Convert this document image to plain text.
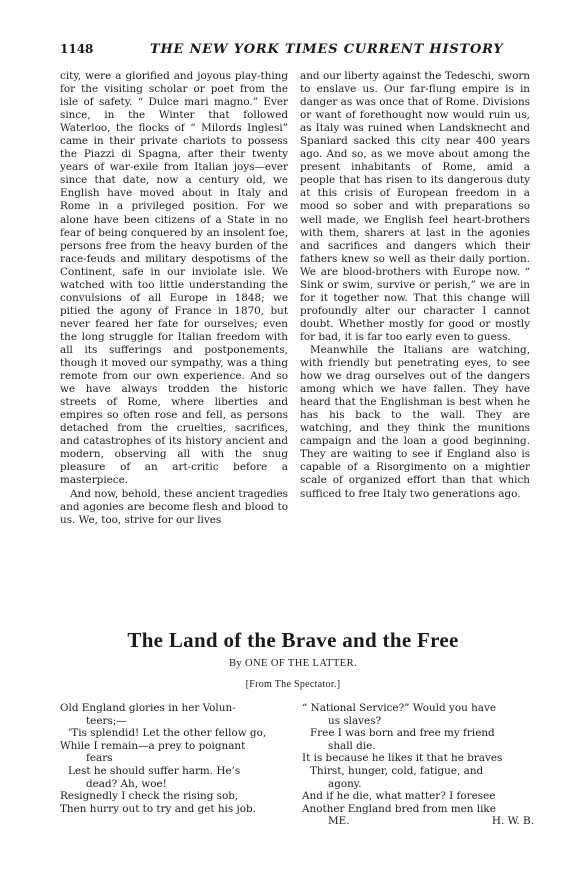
1148	THE NEW YORK TIMES CURRENT HISTORY

city, were a glorified and joyous play-thing for the visiting scholar or poet from the isle of safety. “ Dulce mari magno.” Ever since, in the Winter that followed Waterloo, the flocks of “ Milords Inglesi” came in their private chariots to possess the Piazzi di Spagna, after their twenty years of war-exile from Italian joys—ever since that date, now a century old, we English have moved about in Italy and Rome in a privileged position. For we alone have been citizens of a State in no fear of being conquered by an insolent foe, persons free from the heavy burden of the race-feuds and military despotisms of the Continent, safe in our inviolate isle. We watched with too little understanding the convulsions of all Europe in 1848; we pitied the agony of France in 1870, but never feared her fate for ourselves; even the long struggle for Italian freedom with all its sufferings and postponements, though it moved our sympathy, was a thing remote from our own experience. And so we have always trodden the historic streets of Rome, where liberties and empires so often rose and fell, as persons detached from the cruelties, sacrifices, and catastrophes of its history ancient and modern, observing all with the snug pleasure of an art-critic before a masterpiece.

And now, behold, these ancient tragedies and agonies are become flesh and blood to us. We, too, strive for our lives

and our liberty against the Tedeschi, sworn to enslave us. Our far-flung empire is in danger as was once that of Rome. Divisions or want of forethought now would ruin us, as Italy was ruined when Landsknecht and Spaniard sacked this city near 400 years ago. And so, as we move about among the present inhabitants of Rome, amid a people that has risen to its dangerous duty at this crisis of European freedom in a mood so sober and with preparations so well made, we English feel heart-brothers with them, sharers at last in the agonies and sacrifices and dangers which their fathers knew so well as their daily portion. We are blood-brothers with Europe now. “ Sink or swim, survive or perish,” we are in for it together now. That this change will profoundly alter our character I cannot doubt. Whether mostly for good or mostly for bad, it is far too early even to guess.

Meanwhile the Italians are watching, with friendly but penetrating eyes, to see how we drag ourselves out of the dangers among which we have fallen. They have heard that the Englishman is best when he has his back to the wall. They are watching, and they think the munitions campaign and the loan a good beginning. They are waiting to see if England also is capable of a Risorgimento on a mightier scale of organized effort than that which sufficed to free Italy two generations ago.

The Land of the Brave and the Free
By ONE OF THE LATTER.
[From The Spectator.]
Old England glories in her Volun-
teers;—
’Tis splendid! Let the other fellow go,
While I remain—a prey to poignant
fears
Lest he should suffer harm. He’s
dead? Ah, woe!
Resignedly I check the rising sob,
Then hurry out to try and get his job.
“ National Service?” Would you have
us slaves?
Free I was born and free my friend
shall die.
It is because he likes it that he braves
Thirst, hunger, cold, fatigue, and
agony.
And if he die, what matter? I foresee
Another England bred from men like
ME.	H. W. B.
